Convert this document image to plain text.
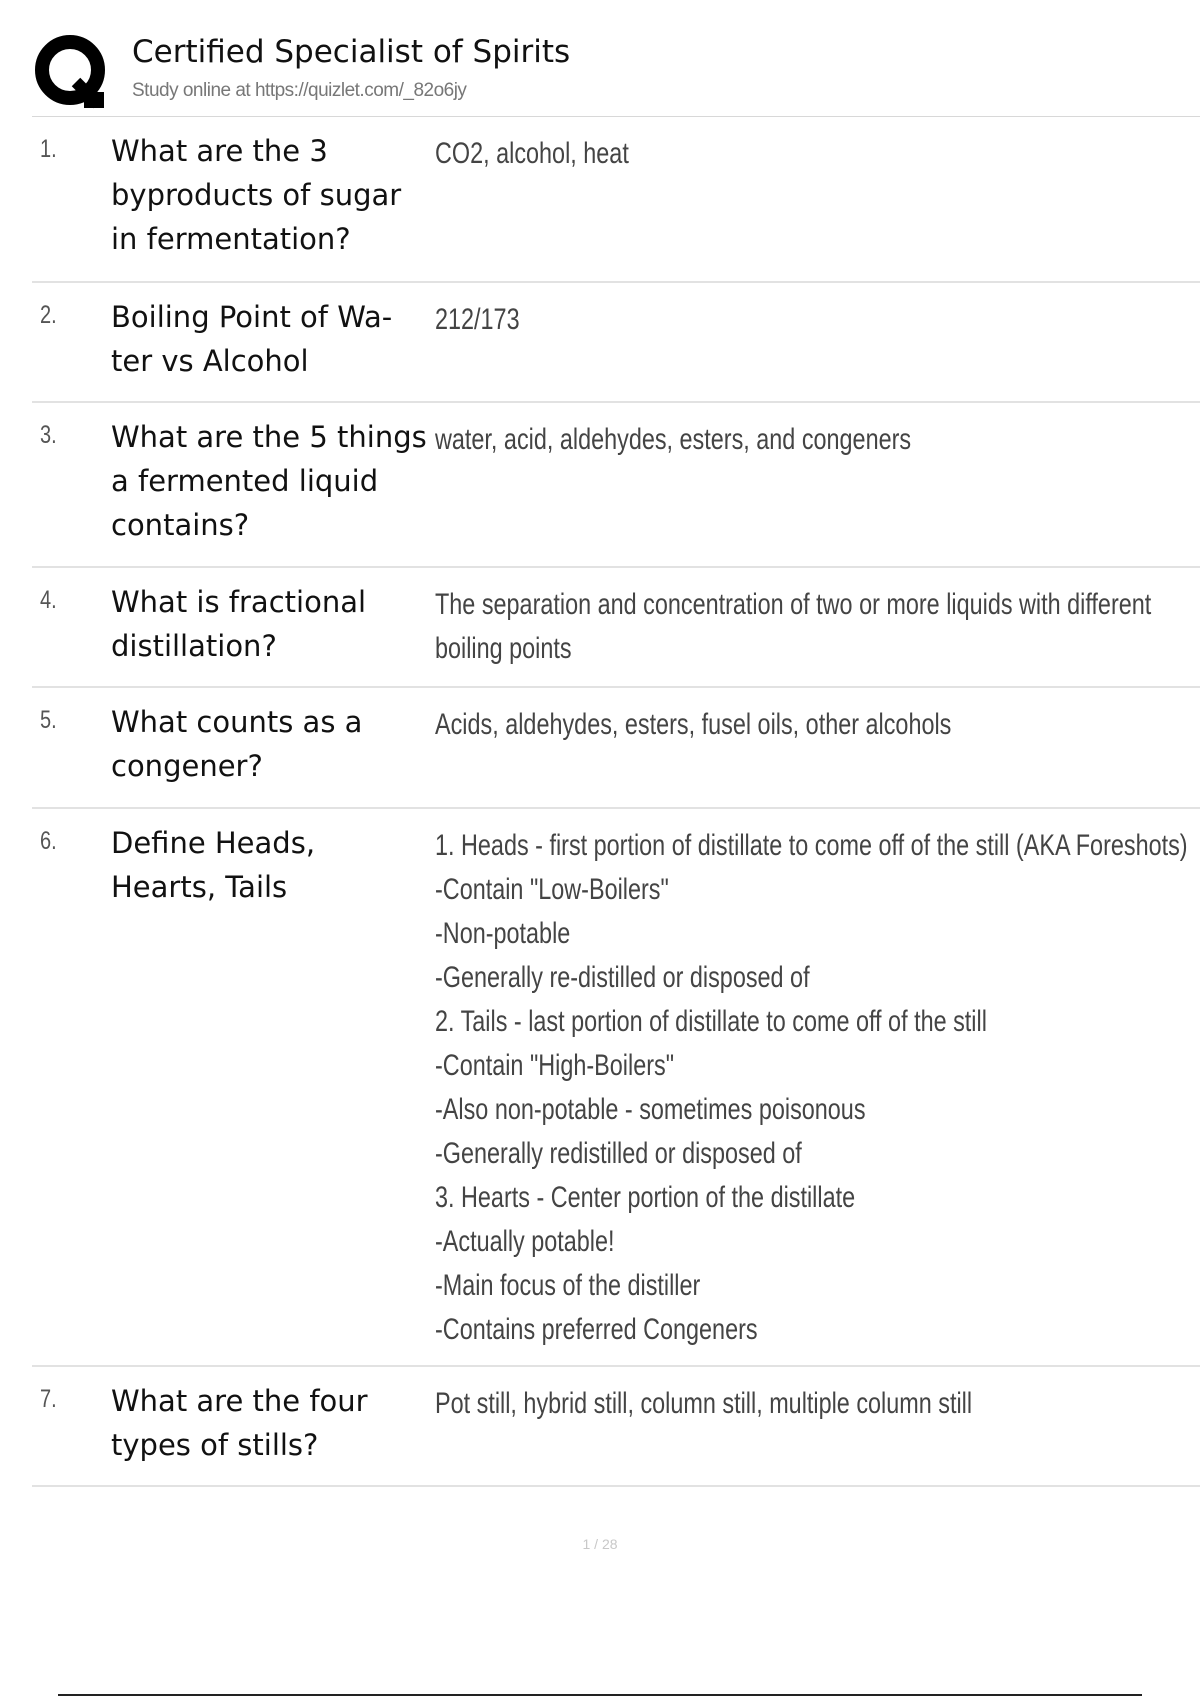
Certified Specialist of Spirits
Study online at https://quizlet.com/_82o6jy
1. What are the 3 byproducts of sugar in fermentation?
CO2, alcohol, heat
2. Boiling Point of Wa-ter vs Alcohol
212/173
3. What are the 5 things a fermented liquid contains?
water, acid, aldehydes, esters, and congeners
4. What is fractional distillation?
The separation and concentration of two or more liquids with different
boiling points
5. What counts as a congener?
Acids, aldehydes, esters, fusel oils, other alcohols
6. Define Heads, Hearts, Tails
1. Heads - first portion of distillate to come off of the still (AKA Foreshots)
-Contain "Low-Boilers"
-Non-potable
-Generally re-distilled or disposed of
2. Tails - last portion of distillate to come off of the still
-Contain "High-Boilers"
-Also non-potable - sometimes poisonous
-Generally redistilled or disposed of
3. Hearts - Center portion of the distillate
-Actually potable!
-Main focus of the distiller
-Contains preferred Congeners
7. What are the four types of stills?
Pot still, hybrid still, column still, multiple column still
1 / 28
